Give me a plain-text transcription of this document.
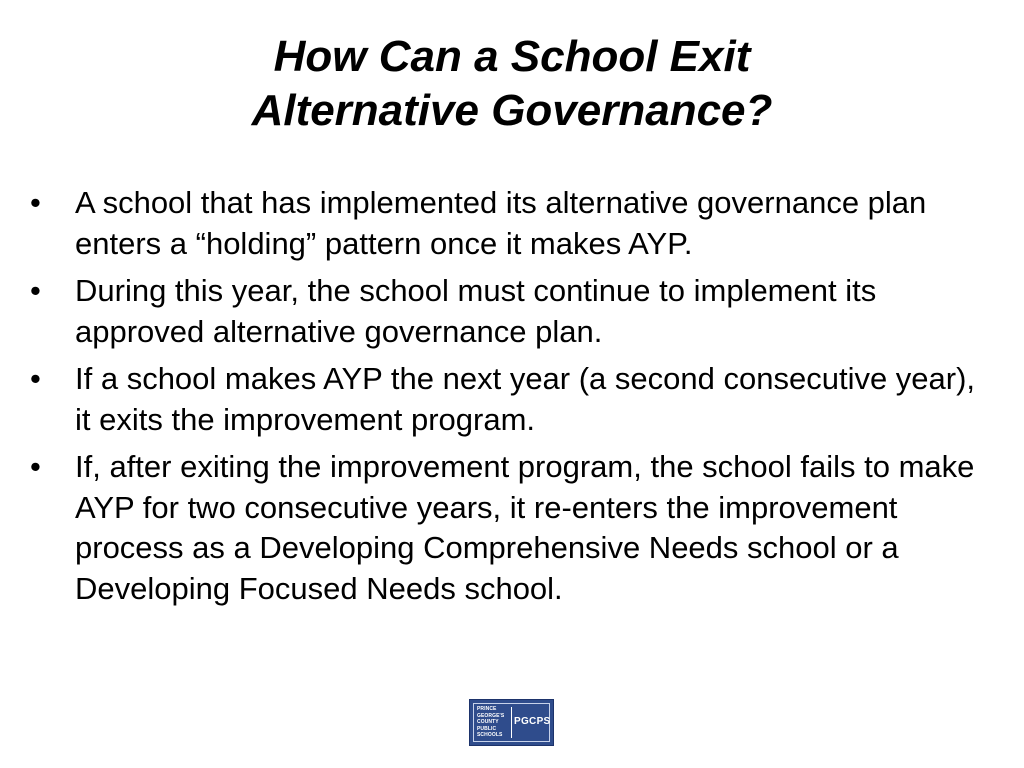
How Can a School Exit
Alternative Governance?
•	A school that has implemented its alternative governance plan enters a “holding” pattern once it makes AYP.
•	During this year, the school must continue to implement its approved alternative governance plan.
•	If a school makes AYP the next year (a second consecutive year), it exits the improvement program.
•	If, after exiting the improvement program, the school fails to make AYP for two consecutive years, it re-enters the improvement process as a Developing Comprehensive Needs school or a Developing Focused Needs school.
PRINCE
GEORGE'S
COUNTY
PUBLIC
SCHOOLS
PGCPS
